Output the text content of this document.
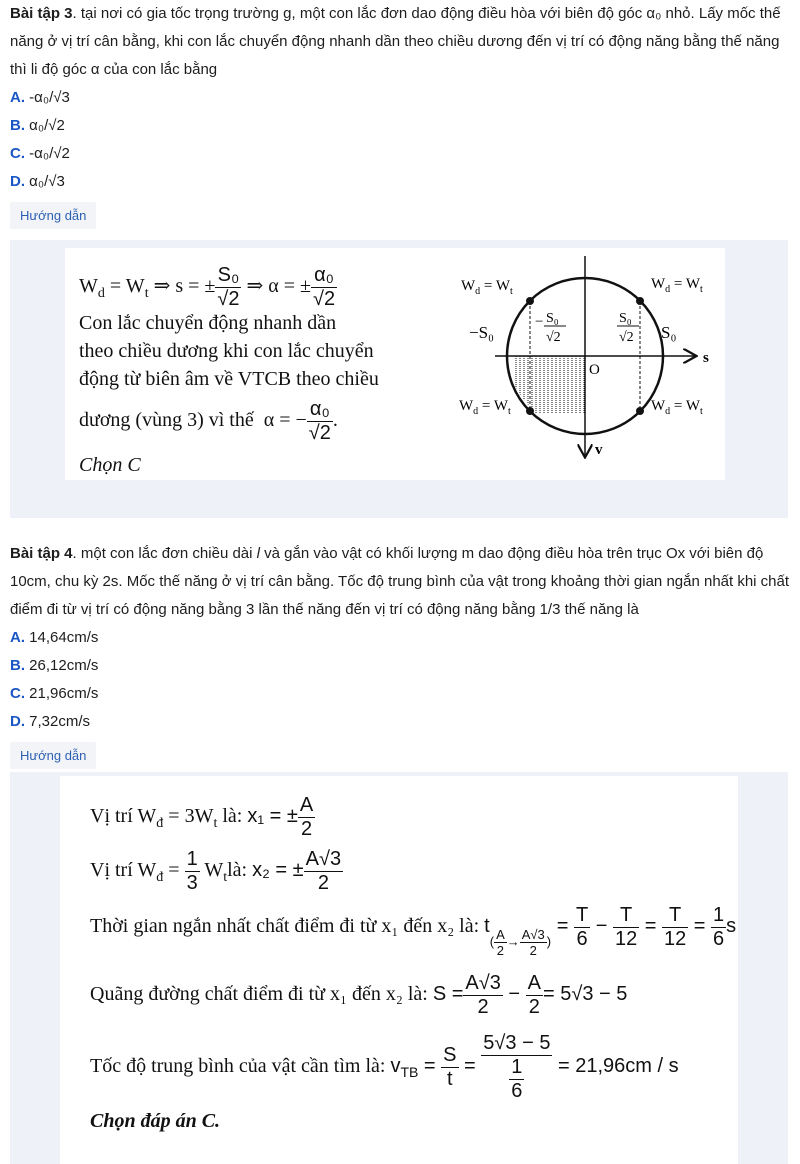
Bài tập 3. tại nơi có gia tốc trọng trường g, một con lắc đơn dao động điều hòa với biên độ góc α₀ nhỏ. Lấy mốc thế năng ở vị trí cân bằng, khi con lắc chuyển động nhanh dần theo chiều dương đến vị trí có động năng bằng thế năng thì li độ góc α của con lắc bằng

A. -α₀/√3
B. α₀/√2
C. -α₀/√2
D. α₀/√3
Hướng dẫn
$W_d = W_t$ ⇒ s = ± $\frac{\text{S₀}}{√2}$ ⇒ α = ± $\frac{\text{α₀}}{√2}$
Con lắc chuyển động nhanh dần
theo chiều dương khi con lắc chuyển
động từ biên âm về VTCB theo chiều
dương (vùng 3) vì thế α = − $\frac{\text{α₀}}{√2}$ .
Chọn C
$W_d = W_t$	$W_d = W_t$
$W_d = W_t$	$W_d = W_t$
−S₀	S₀
s
v
O
− S₀
√2
S₀
√2

Bài tập 4. một con lắc đơn chiều dài l và gắn vào vật có khối lượng m dao động điều hòa trên trục Ox với biên độ 10cm, chu kỳ 2s. Mốc thế năng ở vị trí cân bằng. Tốc độ trung bình của vật trong khoảng thời gian ngắn nhất khi chất điểm đi từ vị trí có động năng bằng 3 lần thế năng đến vị trí có động năng bằng 1/3 thế năng là

A. 14,64cm/s
B. 26,12cm/s
C. 21,96cm/s
D. 7,32cm/s
Hướng dẫn
Vị trí $W_đ = 3W_t$ là: x₁ = ± $\frac{A}{2}$
Vị trí $W_đ = \frac{1}{3}$ $W_tlà$: x₂ = ± $\frac{A√3}{2}$
Thời gian ngắn nhất chất điểm đi từ x₁ đến x₂ là: $t_{( \frac{A}{2} \to \frac{A√3}{2} )} = \frac{T}{6} - \frac{T}{12} = \frac{T}{12} = \frac{1}{6}$ s
Quãng đường chất điểm đi từ x₁ đến x₂ là: $S = \frac{A√3}{2} - \frac{A}{2} = 5√3 - 5$
Tốc độ trung bình của vật cần tìm là: $v_{TB} = \frac{S}{t} = \frac{5√3 - 5}{\frac{1}{6}} = 21,96cm / s$
Chọn đáp án C.
